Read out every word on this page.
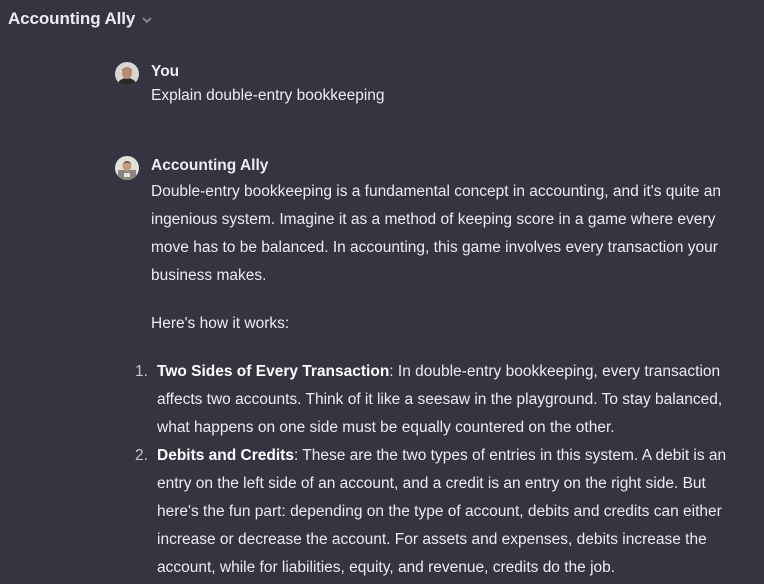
Accounting Ally
You
Explain double-entry bookkeeping
Accounting Ally

Double-entry bookkeeping is a fundamental concept in accounting, and it's quite an ingenious system. Imagine it as a method of keeping score in a game where every move has to be balanced. In accounting, this game involves every transaction your business makes.

Here's how it works:

1. Two Sides of Every Transaction: In double-entry bookkeeping, every transaction affects two accounts. Think of it like a seesaw in the playground. To stay balanced, what happens on one side must be equally countered on the other.
2. Debits and Credits: These are the two types of entries in this system. A debit is an entry on the left side of an account, and a credit is an entry on the right side. But here's the fun part: depending on the type of account, debits and credits can either increase or decrease the account. For assets and expenses, debits increase the account, while for liabilities, equity, and revenue, credits do the job.
